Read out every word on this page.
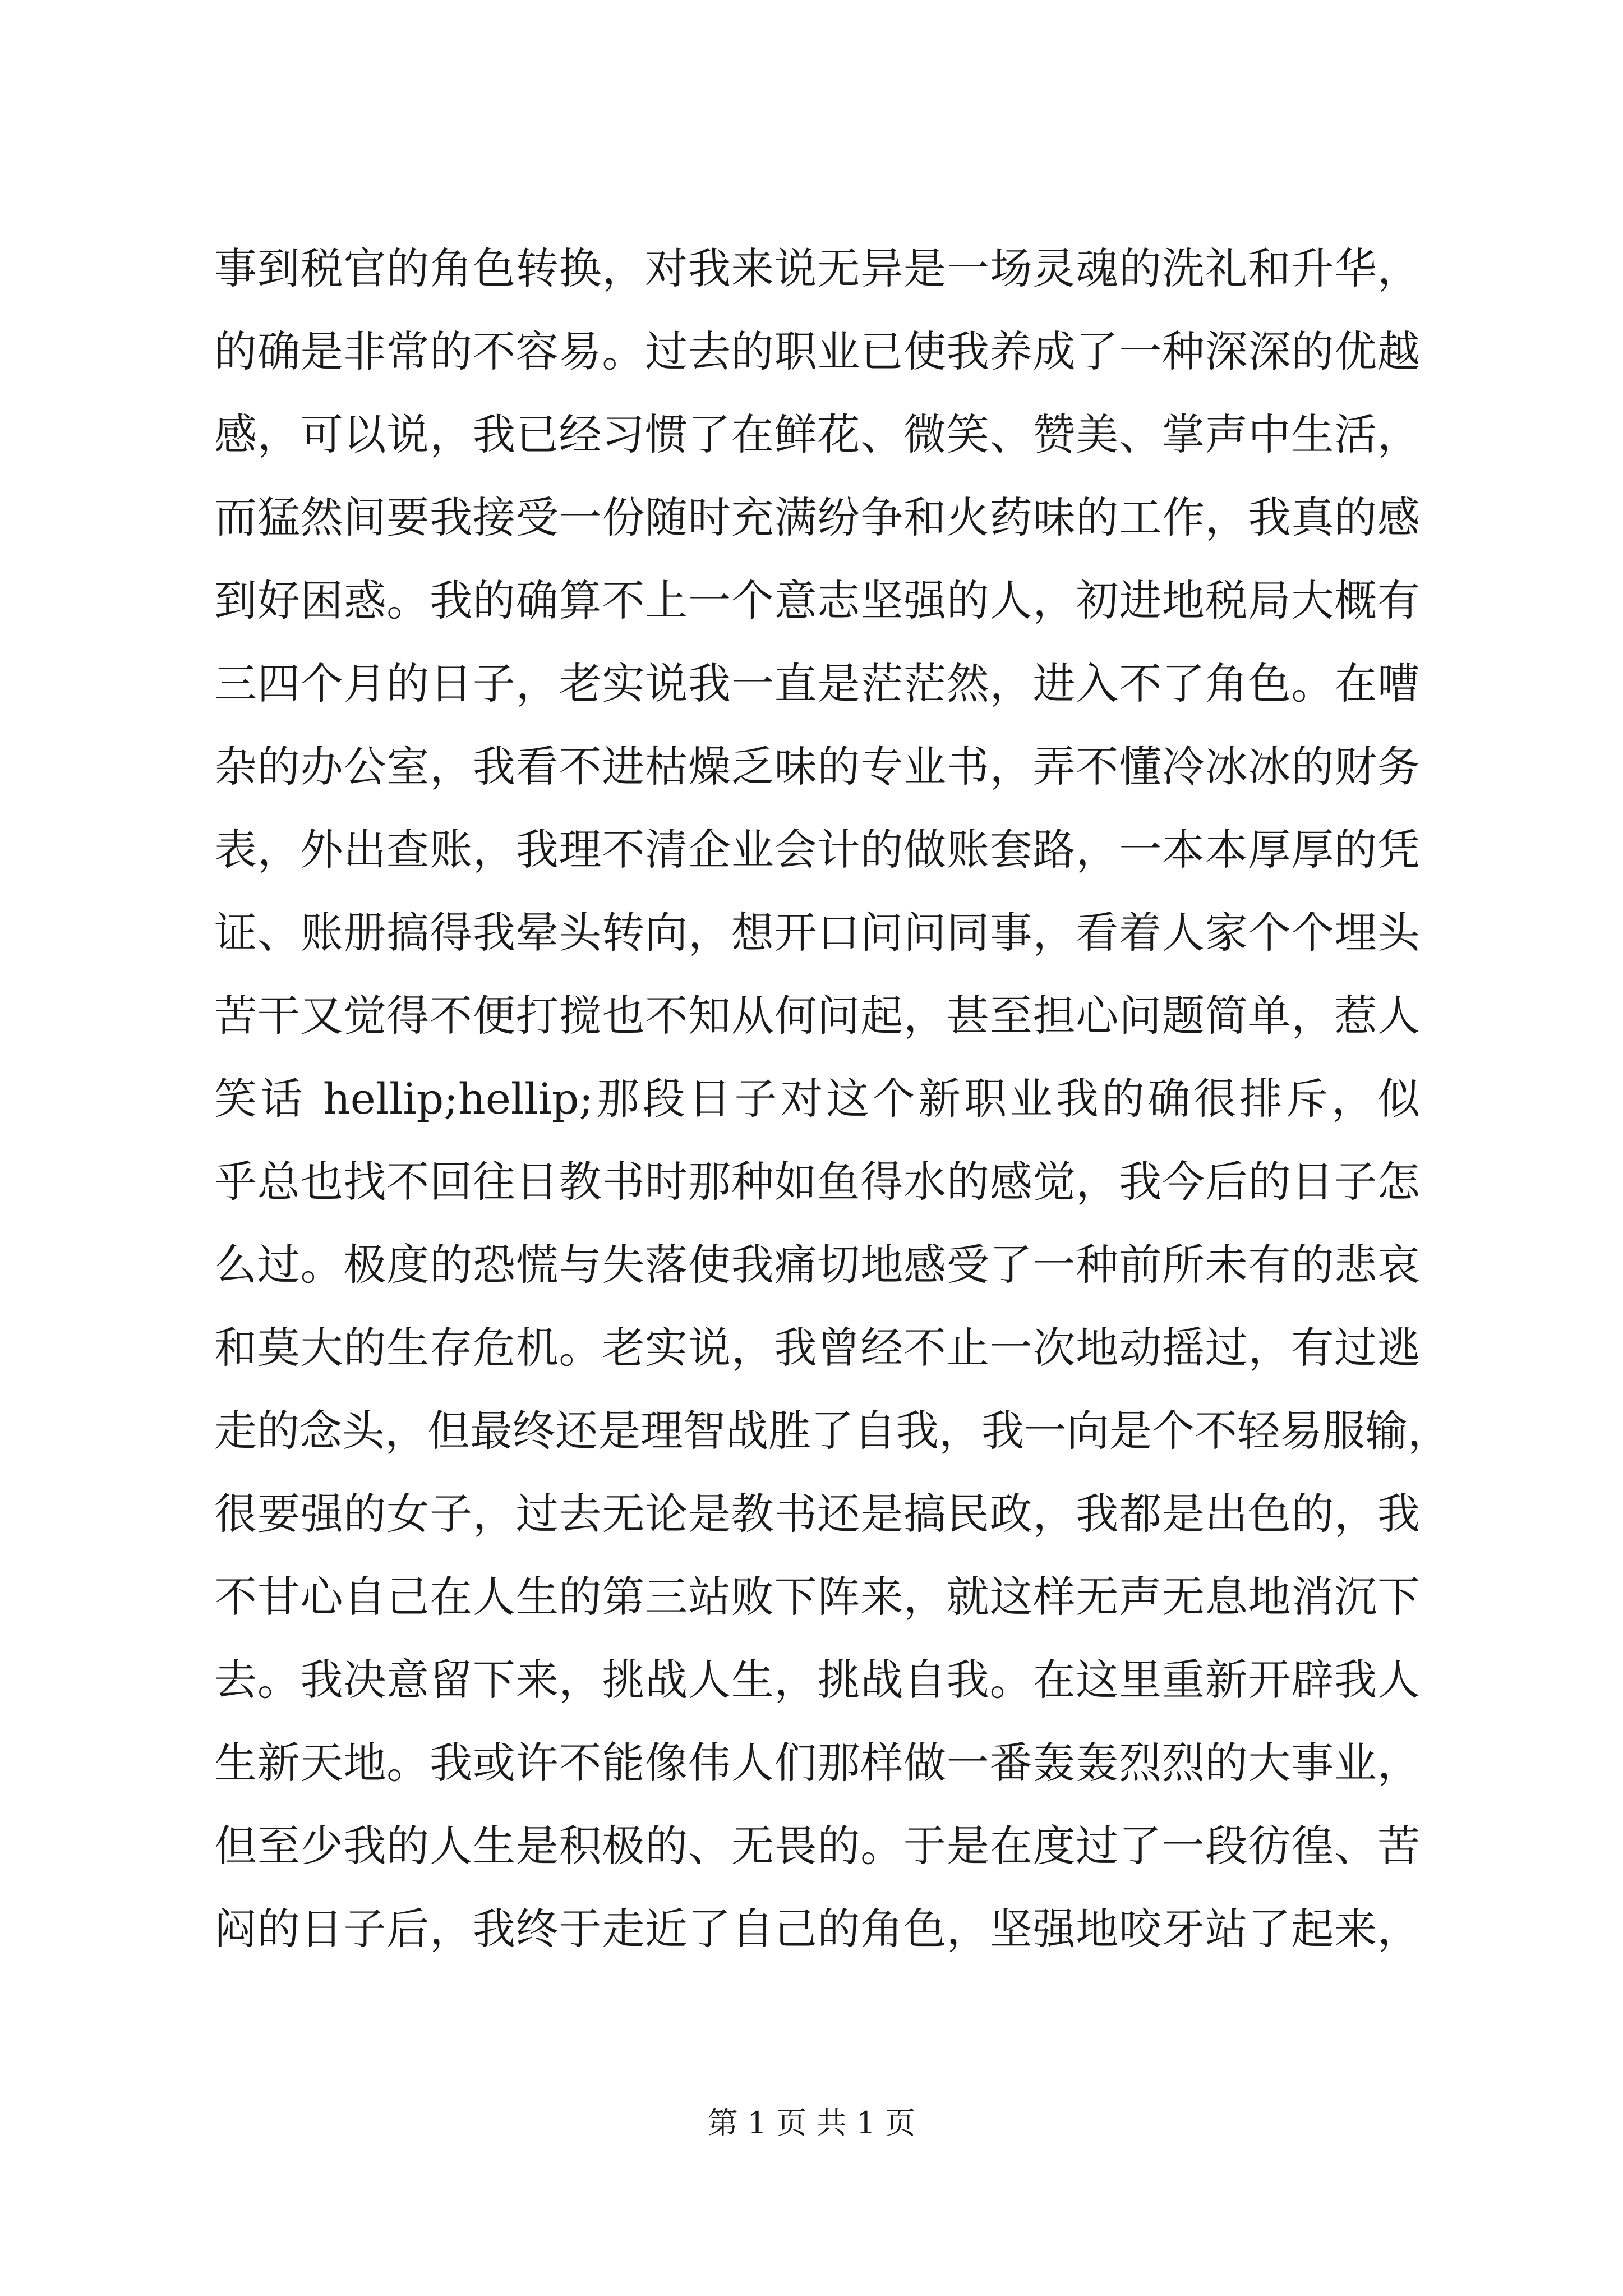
事到税官的角色转换，对我来说无异是一场灵魂的洗礼和升华，
的确是非常的不容易。过去的职业已使我养成了一种深深的优越
感，可以说，我已经习惯了在鲜花、微笑、赞美、掌声中生活，
而猛然间要我接受一份随时充满纷争和火药味的工作，我真的感
到好困惑。我的确算不上一个意志坚强的人，初进地税局大概有
三四个月的日子，老实说我一直是茫茫然，进入不了角色。在嘈
杂的办公室，我看不进枯燥乏味的专业书，弄不懂冷冰冰的财务
表，外出查账，我理不清企业会计的做账套路，一本本厚厚的凭
证、账册搞得我晕头转向，想开口问问同事，看着人家个个埋头
苦干又觉得不便打搅也不知从何问起，甚至担心问题简单，惹人
笑话 hellip;hellip;那段日子对这个新职业我的确很排斥，似
乎总也找不回往日教书时那种如鱼得水的感觉，我今后的日子怎
么过。极度的恐慌与失落使我痛切地感受了一种前所未有的悲哀
和莫大的生存危机。老实说，我曾经不止一次地动摇过，有过逃
走的念头，但最终还是理智战胜了自我，我一向是个不轻易服输，
很要强的女子，过去无论是教书还是搞民政，我都是出色的，我
不甘心自己在人生的第三站败下阵来，就这样无声无息地消沉下
去。我决意留下来，挑战人生，挑战自我。在这里重新开辟我人
生新天地。我或许不能像伟人们那样做一番轰轰烈烈的大事业，
但至少我的人生是积极的、无畏的。于是在度过了一段彷徨、苦
闷的日子后，我终于走近了自己的角色，坚强地咬牙站了起来，
第 1 页 共 1 页
